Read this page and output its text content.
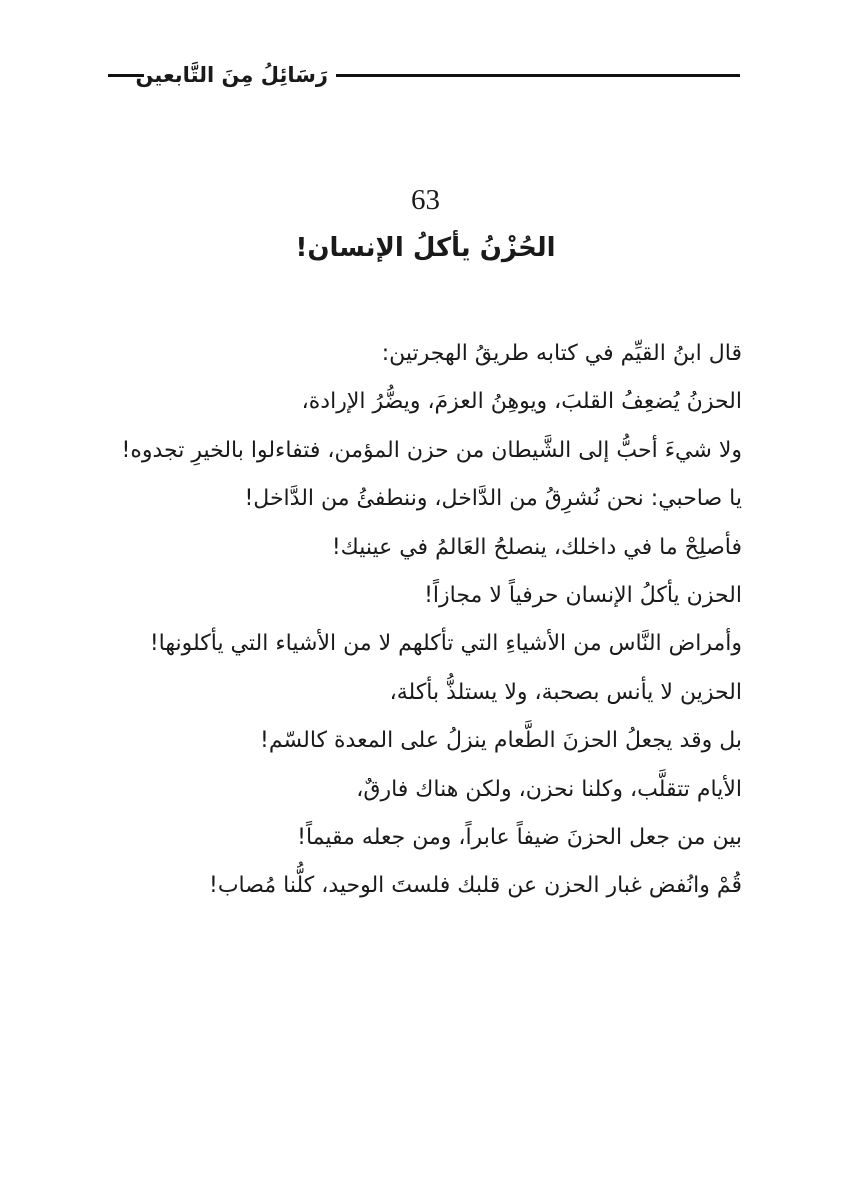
رَسَائِلُ مِنَ التَّابعين
63
الحُزْنُ يأكلُ الإنسان!

قال ابنُ القيِّم في كتابه طريقُ الهجرتين:

الحزنُ يُضعِفُ القلبَ، ويوهِنُ العزمَ، ويضُّرُ الإرادة،

ولا شيءَ أحبُّ إلى الشَّيطان من حزن المؤمن، فتفاءلوا بالخيرِ تجدوه!

يا صاحبي: نحن نُشرِقُ من الدَّاخل، وننطفئُ من الدَّاخل!

فأصلِحْ ما في داخلك، ينصلحُ العَالمُ في عينيك!

الحزن يأكلُ الإنسان حرفياً لا مجازاً!

وأمراض النَّاس من الأشياءِ التي تأكلهم لا من الأشياء التي يأكلونها!

الحزين لا يأنس بصحبة، ولا يستلذُّ بأكلة،

بل وقد يجعلُ الحزنَ الطَّعام ينزلُ على المعدة كالسّم!

الأيام تتقلَّب، وكلنا نحزن، ولكن هناك فارقٌ،

بين من جعل الحزنَ ضيفاً عابراً، ومن جعله مقيماً!

قُمْ وانُفض غبار الحزن عن قلبك فلستَ الوحيد، كلُّنا مُصاب!
